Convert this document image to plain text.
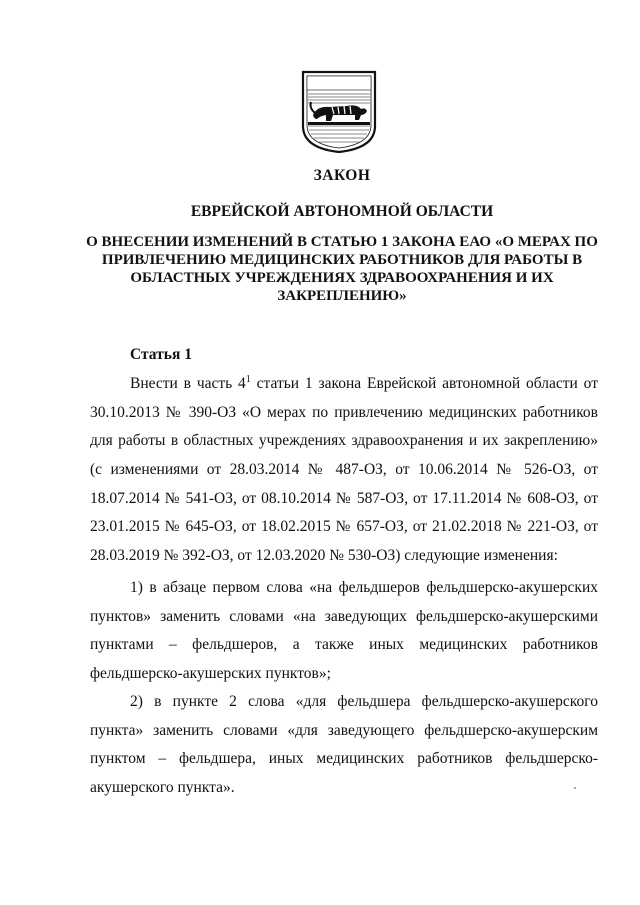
ЗАКОН
ЕВРЕЙСКОЙ АВТОНОМНОЙ ОБЛАСТИ
О ВНЕСЕНИИ ИЗМЕНЕНИЙ В СТАТЬЮ 1 ЗАКОНА ЕАО «О МЕРАХ ПО ПРИВЛЕЧЕНИЮ МЕДИЦИНСКИХ РАБОТНИКОВ ДЛЯ РАБОТЫ В ОБЛАСТНЫХ УЧРЕЖДЕНИЯХ ЗДРАВООХРАНЕНИЯ И ИХ ЗАКРЕПЛЕНИЮ»
Статья 1

Внести в часть $4^1$ статьи 1 закона Еврейской автономной области от 30.10.2013 № 390-ОЗ «О мерах по привлечению медицинских работников для работы в областных учреждениях здравоохранения и их закреплению» (с изменениями от 28.03.2014 № 487-ОЗ, от 10.06.2014 № 526-ОЗ, от 18.07.2014 № 541-ОЗ, от 08.10.2014 № 587-ОЗ, от 17.11.2014 № 608-ОЗ, от 23.01.2015 № 645-ОЗ, от 18.02.2015 № 657-ОЗ, от 21.02.2018 № 221-ОЗ, от 28.03.2019 № 392-ОЗ, от 12.03.2020 № 530-ОЗ) следующие изменения:

1) в абзаце первом слова «на фельдшеров фельдшерско-акушерских пунктов» заменить словами «на заведующих фельдшерско-акушерскими пунктами – фельдшеров, а также иных медицинских работников фельдшерско-акушерских пунктов»;

2) в пункте 2 слова «для фельдшера фельдшерско-акушерского пункта» заменить словами «для заведующего фельдшерско-акушерским пунктом – фельдшера, иных медицинских работников фельдшерско-акушерского пункта».
